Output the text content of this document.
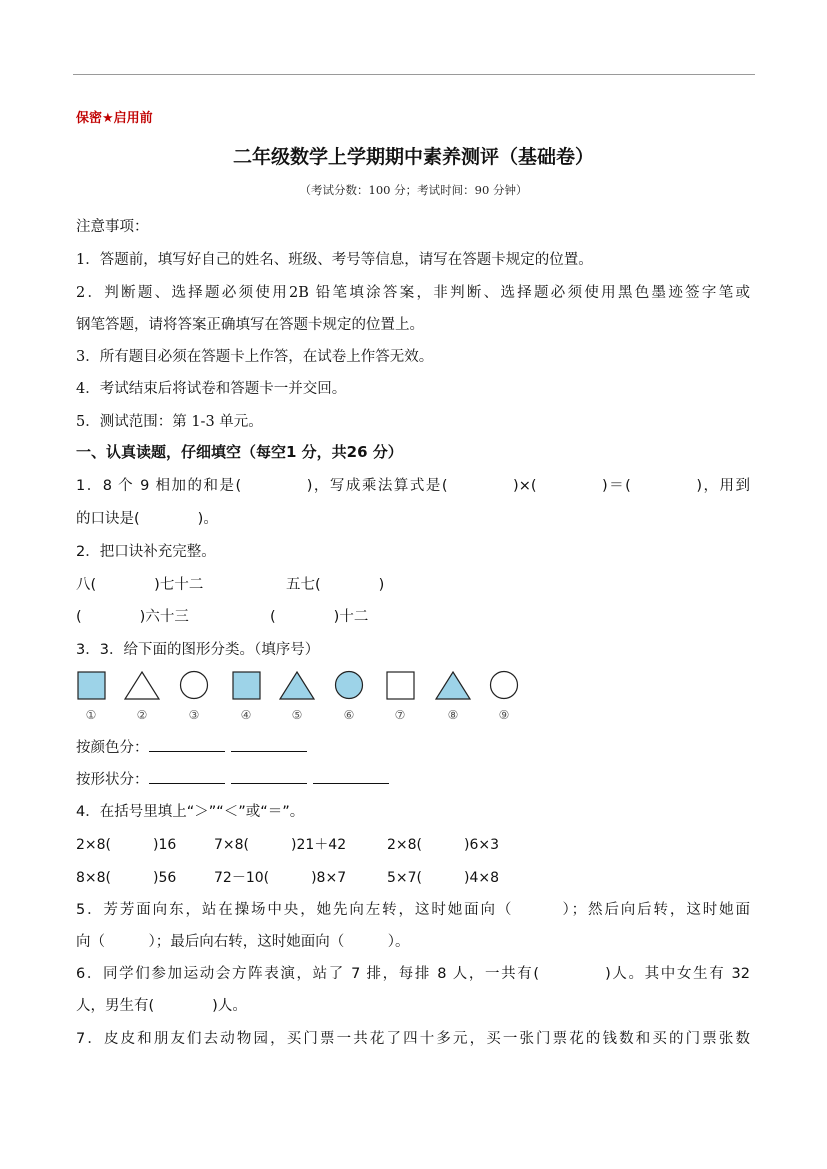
保密★启用前
二年级数学上学期期中素养测评（基础卷）
（考试分数：100 分；考试时间：90 分钟）
注意事项：
1．答题前，填写好自己的姓名、班级、考号等信息，请写在答题卡规定的位置。
2．判断题、选择题必须使用2B 铅笔填涂答案，非判断、选择题必须使用黑色墨迹签字笔或
钢笔答题，请将答案正确填写在答题卡规定的位置上。
3．所有题目必须在答题卡上作答，在试卷上作答无效。
4．考试结束后将试卷和答题卡一并交回。
5．测试范围：第 1-3 单元。
一、认真读题，仔细填空（每空1 分，共26 分）
1．8 个 9 相加的和是(　　　　)，写成乘法算式是(　　　　)×(　　　　)＝(　　　　)，用到
的口诀是(　　　　)。
2．把口诀补充完整。
八(　　　　)七十二	五七(　　　　)
(　　　　)六十三	(　　　　)十二
3．3．给下面的图形分类。（填序号）
①	②	③	④	⑤	⑥	⑦	⑧	⑨
按颜色分：
按形状分：
4．在括号里填上“＞”“＜”或“＝”。
2×8(　　　)16	7×8(　　　)21＋42	2×8(　　　)6×3
8×8(　　　)56	72－10(　　　)8×7	5×7(　　　)4×8
5．芳芳面向东，站在操场中央，她先向左转，这时她面向（　　　）；然后向后转，这时她面
向（　　　）；最后向右转，这时她面向（　　　）。
6．同学们参加运动会方阵表演，站了 7 排，每排 8 人，一共有(　　　　)人。其中女生有 32
人，男生有(　　　　)人。
7．皮皮和朋友们去动物园，买门票一共花了四十多元，买一张门票花的钱数和买的门票张数
